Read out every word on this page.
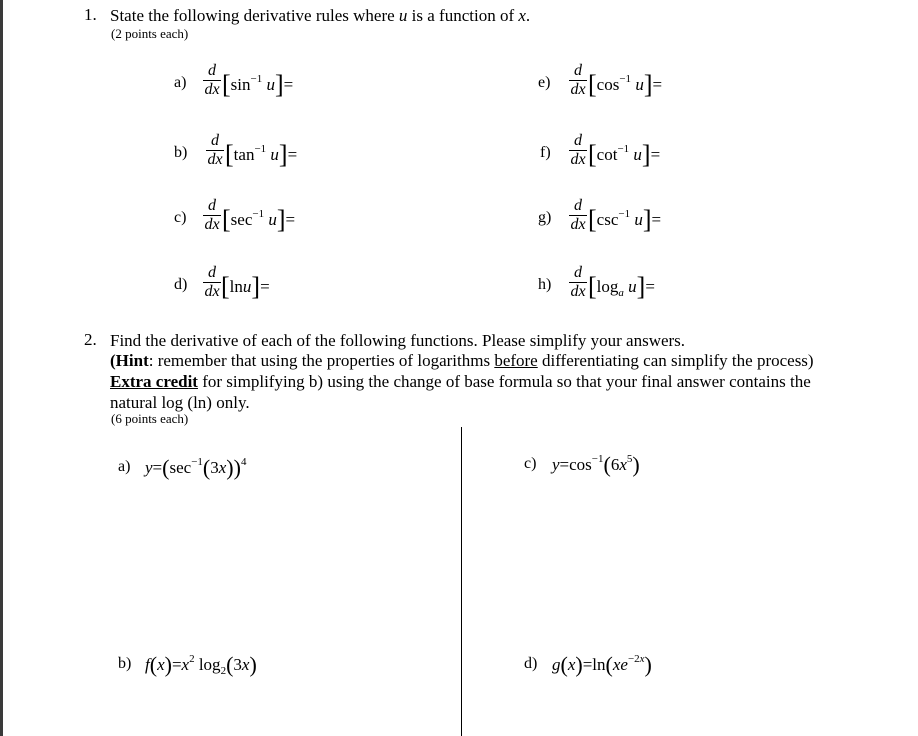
1. State the following derivative rules where u is a function of x.
(2 points each)
a)
d
dx [$\sin^{-1}$ u]=
b)
d
dx [$\tan^{-1}$ u]=
c)
d
dx [$\sec^{-1}$ u]=
d)
d
dx [lnu]=
e)
d
dx [$\cos^{-1}$ u]=
f)
d
dx [$\cot^{-1}$ u]=
g)
d
dx [$\csc^{-1}$ u]=
h)
d
dx [$\log_a$ u]=
2. Find the derivative of each of the following functions. Please simplify your answers.
(Hint: remember that using the properties of logarithms before differentiating can simplify the process)
Extra credit for simplifying b) using the change of base formula so that your final answer contains the
natural log (ln) only.
(6 points each)
a) $y=(\sec^{-1}(3x))^4$
b) $f(x)=x^2$ $\log_2(3x)$
c) $y=\cos^{-1}(6x^5)$
d) $g(x)=\ln(xe^{-2x})$
